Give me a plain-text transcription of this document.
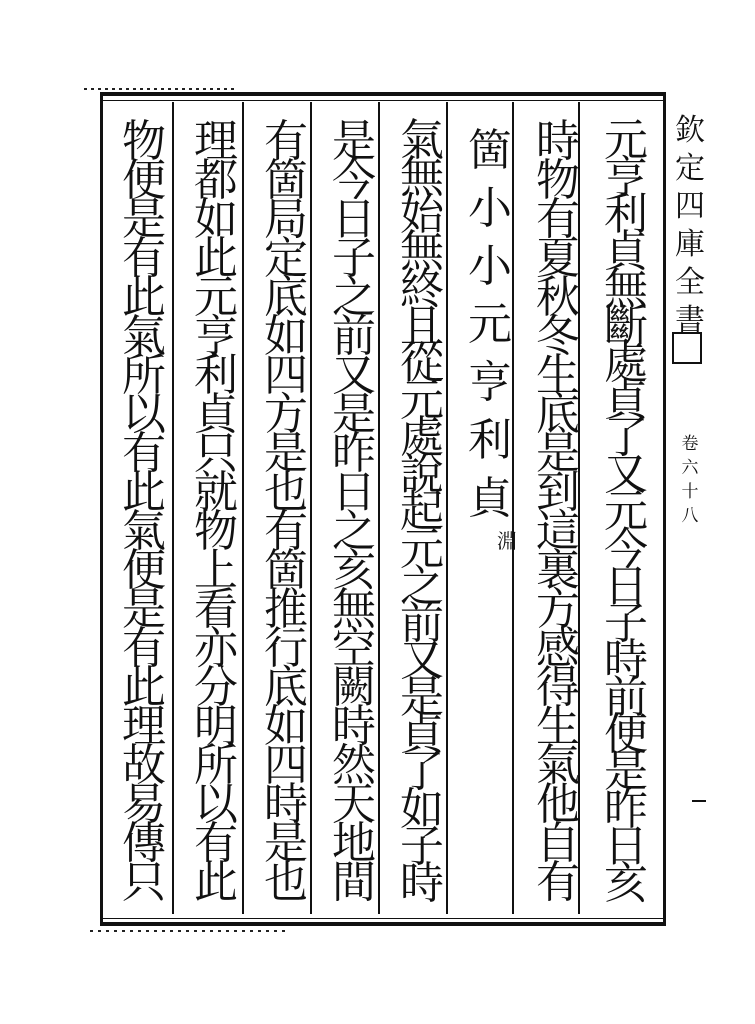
元
亨
利
貞
無
斷
處
貞
了
又
元
今
日
子
時
前
便
是
昨
日
亥
時
物
有
夏
秋
冬
生
底
是
到
這
裏
方
感
得
生
氣
他
自
有
箇
小
小
元
亨
利
貞
淵
氣
無
始
無
終
且
從
元
處
說
起
元
之
前
又
是
貞
了
如
子
時
是
今
日
子
之
前
又
是
昨
日
之
亥
無
空
闕
時
然
天
地
間
有
箇
局
定
底
如
四
方
是
也
有
箇
推
行
底
如
四
時
是
也
理
都
如
此
元
亨
利
貞
只
就
物
上
看
亦
分
明
所
以
有
此
物
便
是
有
此
氣
所
以
有
此
氣
便
是
有
此
理
故
易
傳
只
欽
定
四
庫
全
書
卷
六
十
八
